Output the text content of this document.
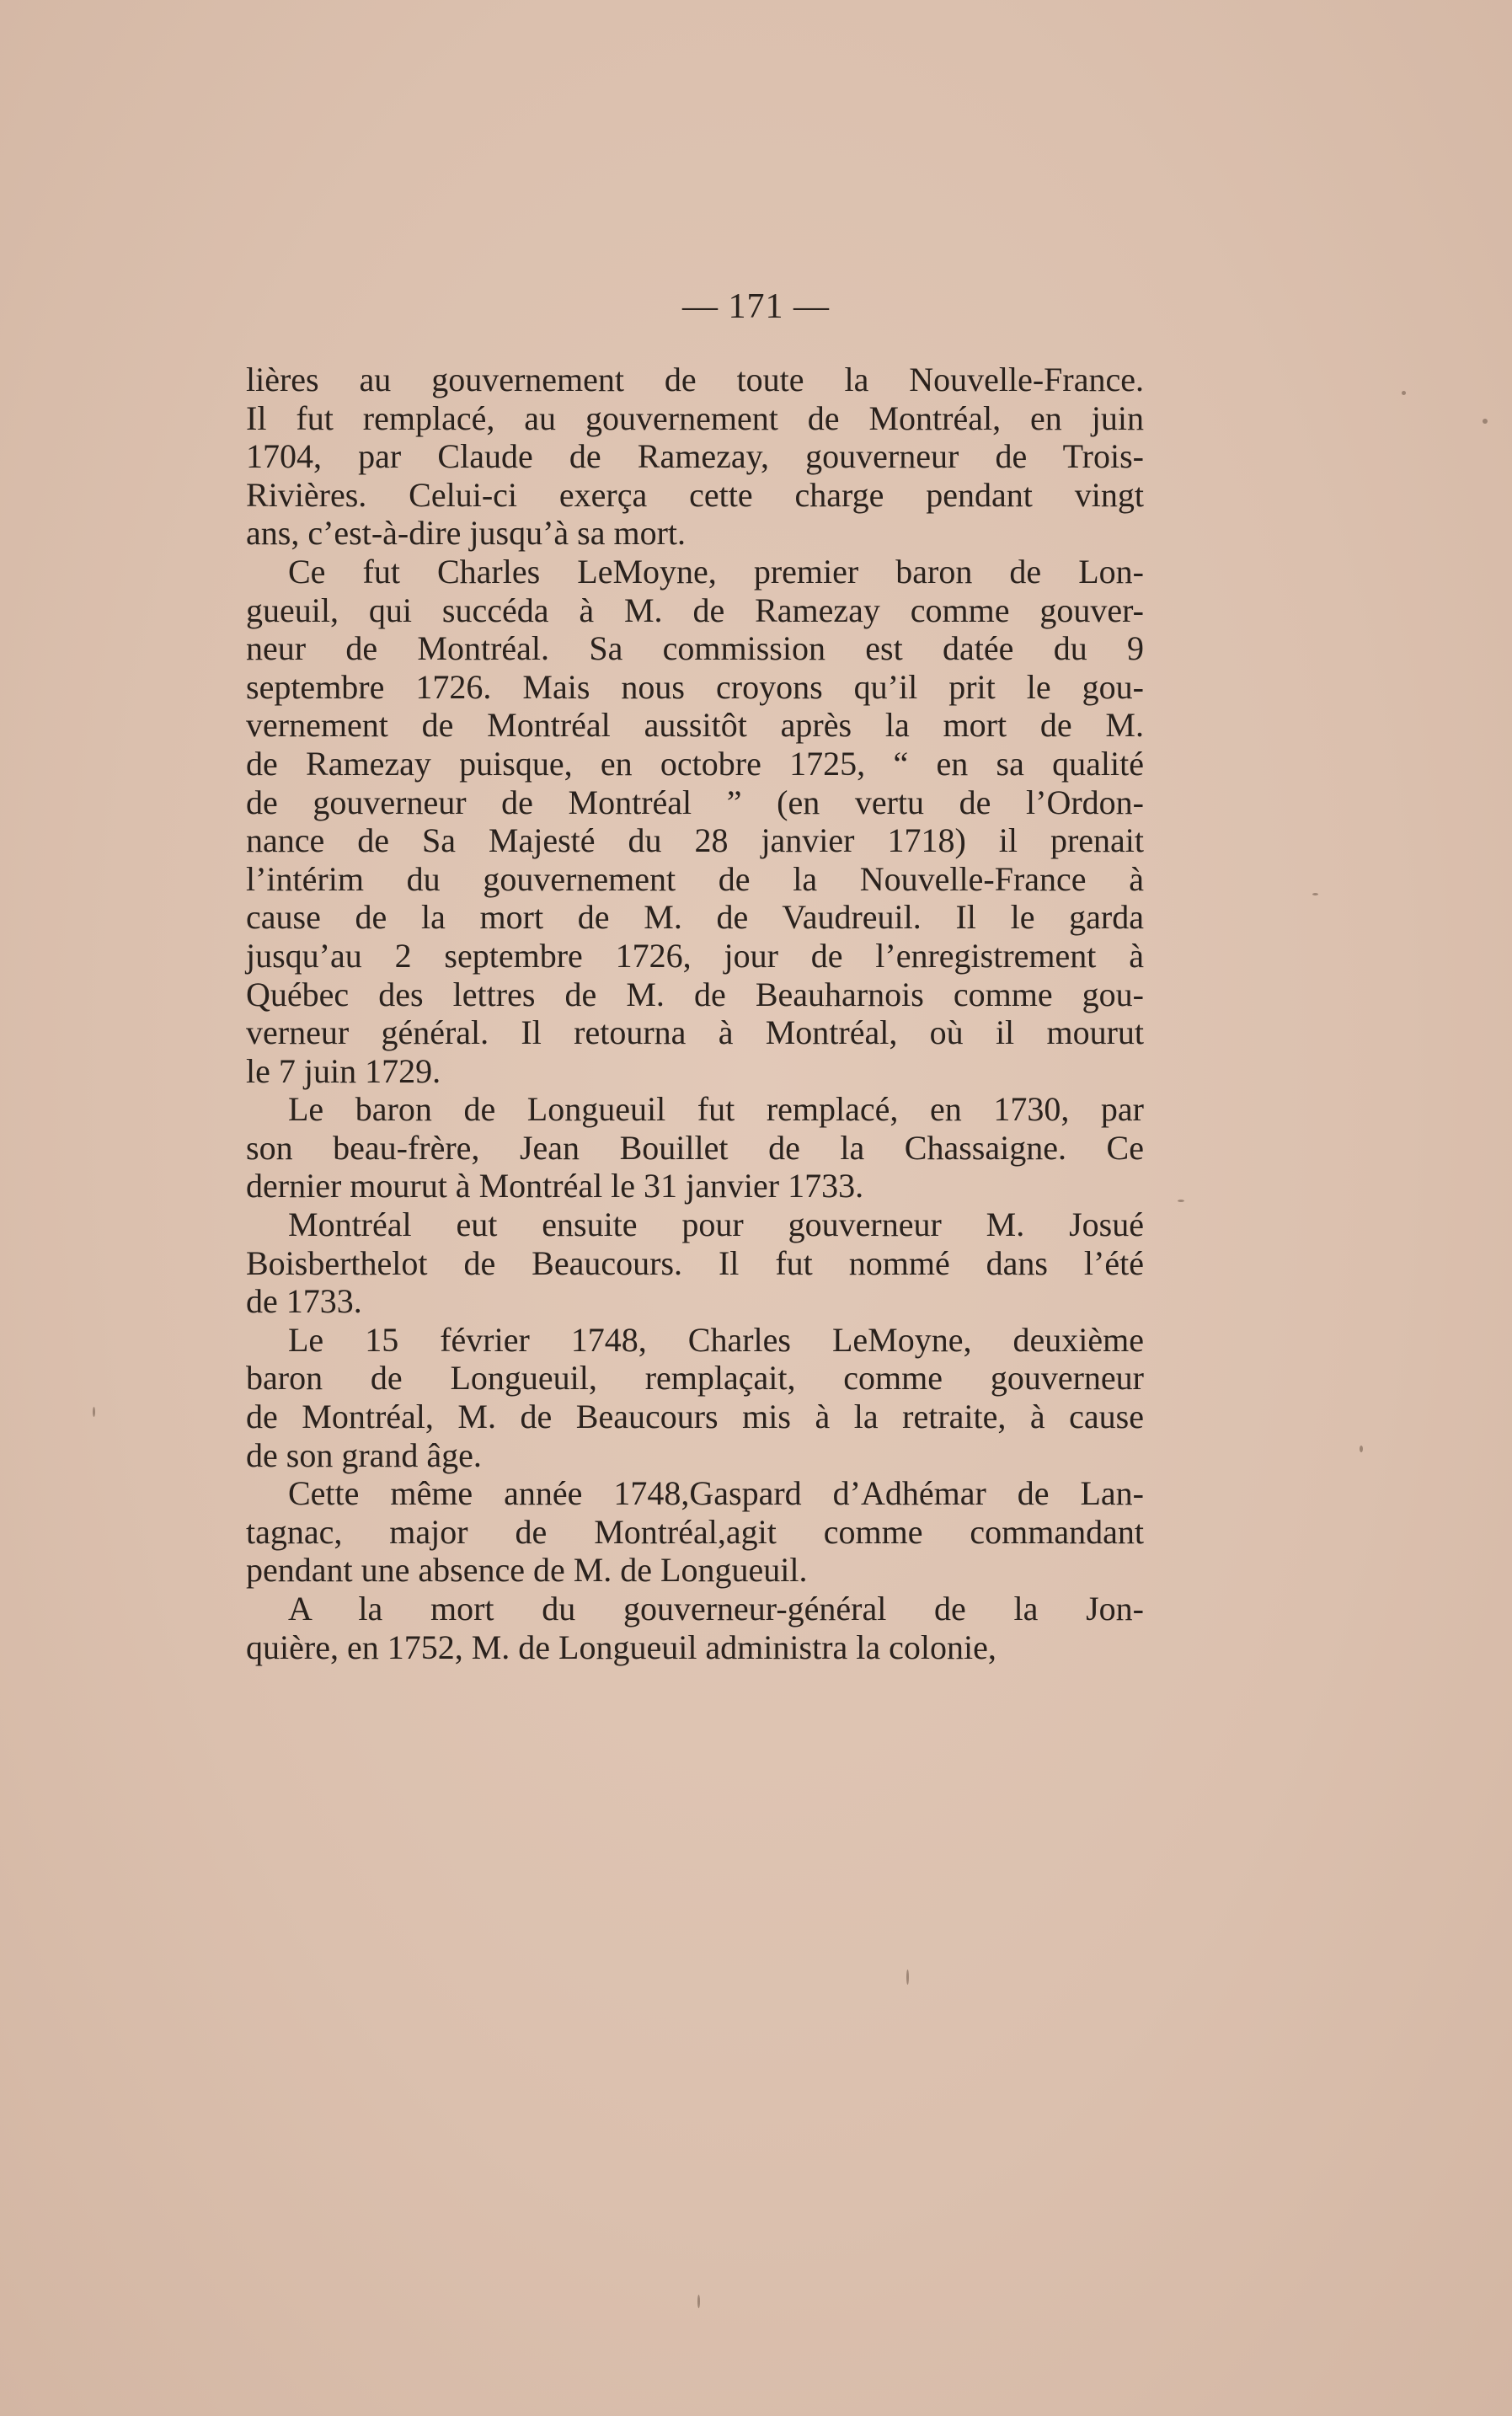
— 171 —
lières au gouvernement de toute la Nouvelle-France.
Il fut remplacé, au gouvernement de Montréal, en juin
1704, par Claude de Ramezay, gouverneur de Trois-
Rivières. Celui-ci exerça cette charge pendant vingt
ans, c’est-à-dire jusqu’à sa mort.
Ce fut Charles LeMoyne, premier baron de Lon-
gueuil, qui succéda à M. de Ramezay comme gouver-
neur de Montréal. Sa commission est datée du 9
septembre 1726. Mais nous croyons qu’il prit le gou-
vernement de Montréal aussitôt après la mort de M.
de Ramezay puisque, en octobre 1725, “ en sa qualité
de gouverneur de Montréal ” (en vertu de l’Ordon-
nance de Sa Majesté du 28 janvier 1718) il prenait
l’intérim du gouvernement de la Nouvelle-France à
cause de la mort de M. de Vaudreuil. Il le garda
jusqu’au 2 septembre 1726, jour de l’enregistrement à
Québec des lettres de M. de Beauharnois comme gou-
verneur général. Il retourna à Montréal, où il mourut
le 7 juin 1729.
Le baron de Longueuil fut remplacé, en 1730, par
son beau-frère, Jean Bouillet de la Chassaigne. Ce
dernier mourut à Montréal le 31 janvier 1733.
Montréal eut ensuite pour gouverneur M. Josué
Boisberthelot de Beaucours. Il fut nommé dans l’été
de 1733.
Le 15 février 1748, Charles LeMoyne, deuxième
baron de Longueuil, remplaçait, comme gouverneur
de Montréal, M. de Beaucours mis à la retraite, à cause
de son grand âge.
Cette même année 1748,Gaspard d’Adhémar de Lan-
tagnac, major de Montréal,agit comme commandant
pendant une absence de M. de Longueuil.
A la mort du gouverneur-général de la Jon-
quière, en 1752, M. de Longueuil administra la colonie,
